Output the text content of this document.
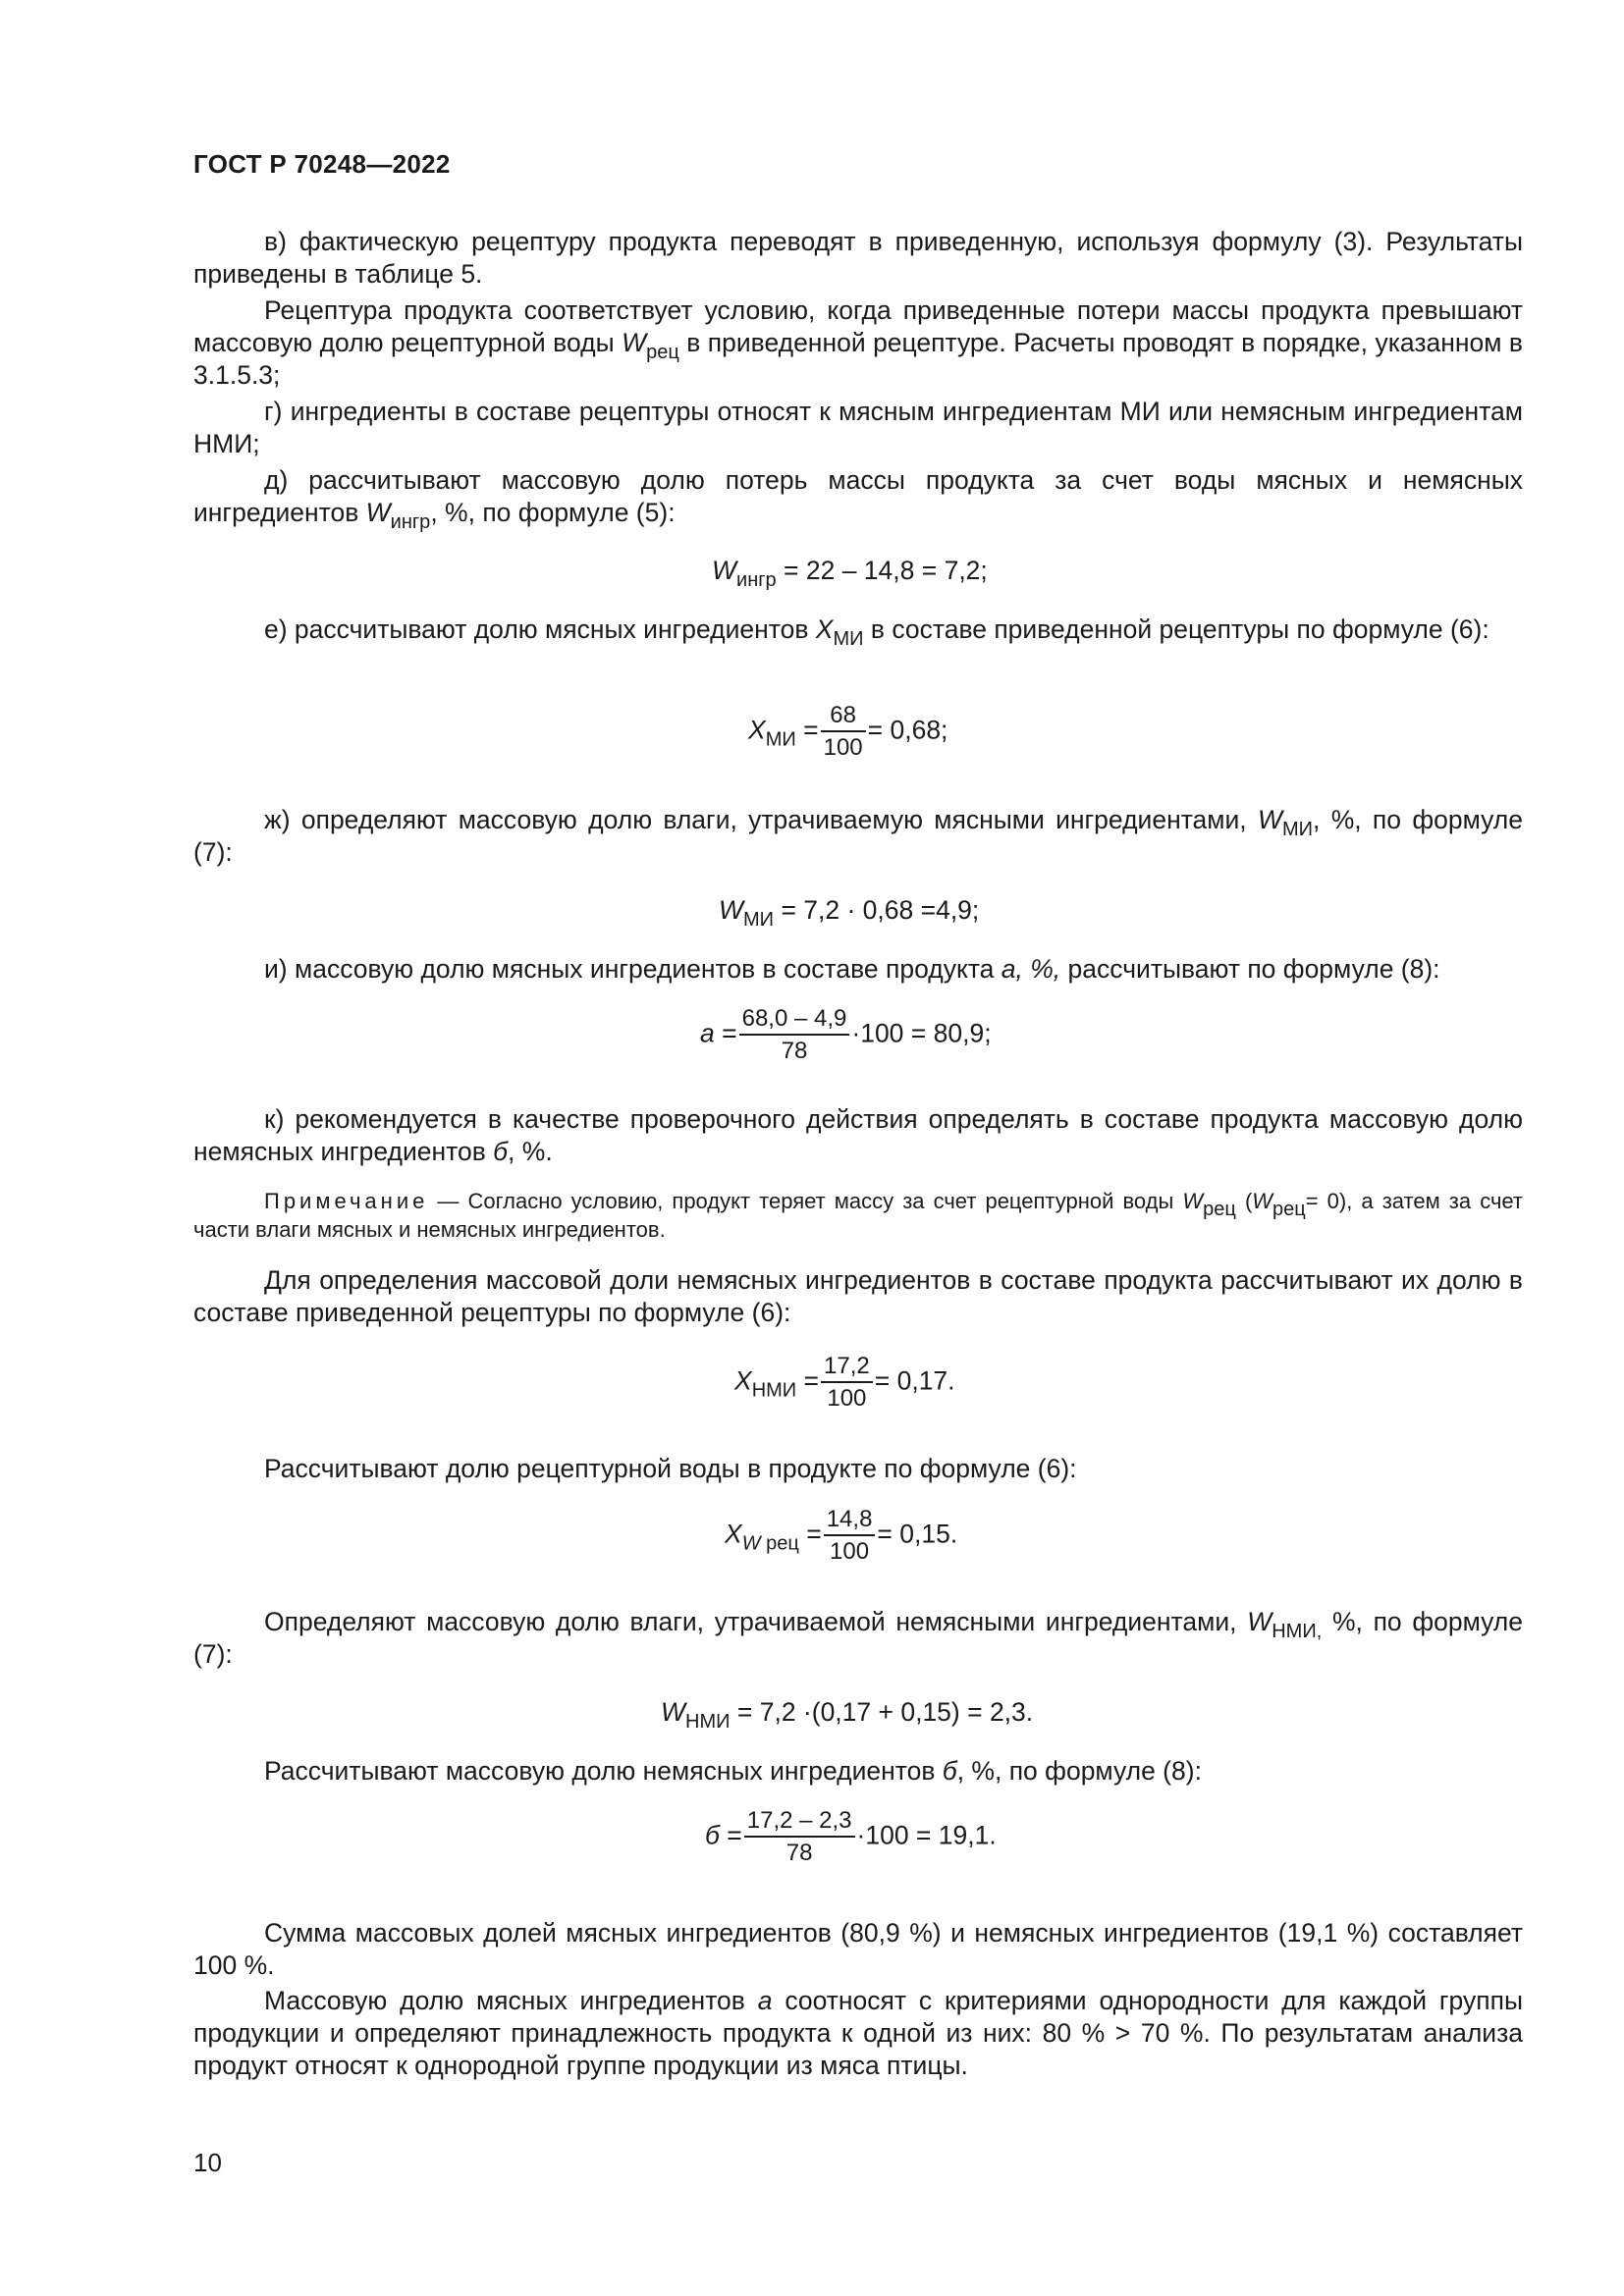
ГОСТ Р 70248—2022
в) фактическую рецептуру продукта переводят в приведенную, используя формулу (3). Результаты приведены в таблице 5.
Рецептура продукта соответствует условию, когда приведенные потери массы продукта превышают массовую долю рецептурной воды $W_{рец}$ в приведенной рецептуре. Расчеты проводят в порядке, указанном в 3.1.5.3;
г) ингредиенты в составе рецептуры относят к мясным ингредиентам МИ или немясным ингредиентам НМИ;
д) рассчитывают массовую долю потерь массы продукта за счет воды мясных и немясных ингредиентов $W_{ингр}$, %, по формуле (5):
$W_{ингр} = 22 - 14,8 = 7,2$;
е) рассчитывают долю мясных ингредиентов $X_{МИ}$ в составе приведенной рецептуры по формуле (6):
$X_{МИ} = \frac{68}{100} = 0,68$;
ж) определяют массовую долю влаги, утрачиваемую мясными ингредиентами, $W_{МИ}$, %, по формуле (7):
$W_{МИ} = 7,2 \cdot 0,68 =4,9$;
и) массовую долю мясных ингредиентов в составе продукта а, %, рассчитывают по формуле (8):
$а = \frac{68,0 - 4,9}{78} \cdot 100 = 80,9$;
к) рекомендуется в качестве проверочного действия определять в составе продукта массовую долю немясных ингредиентов б, %.
Примечание — Согласно условию, продукт теряет массу за счет рецептурной воды $W_{рец}$ $(W_{рец}= 0)$, а затем за счет части влаги мясных и немясных ингредиентов.
Для определения массовой доли немясных ингредиентов в составе продукта рассчитывают их долю в составе приведенной рецептуры по формуле (6):
$X_{НМИ} = \frac{17,2}{100} = 0,17$.
Рассчитывают долю рецептурной воды в продукте по формуле (6):
$X_{W рец} = \frac{14,8}{100} = 0,15$.
Определяют массовую долю влаги, утрачиваемой немясными ингредиентами, $W_{НМИ,}$ %, по формуле (7):
$W_{НМИ} = 7,2 \cdot(0,17 + 0,15) = 2,3$.
Рассчитывают массовую долю немясных ингредиентов б, %, по формуле (8):
$б = \frac{17,2 - 2,3}{78} \cdot 100 = 19,1$.
Сумма массовых долей мясных ингредиентов (80,9 %) и немясных ингредиентов (19,1 %) составляет 100 %.
Массовую долю мясных ингредиентов а соотносят с критериями однородности для каждой группы продукции и определяют принадлежность продукта к одной из них: 80 % > 70 %. По результатам анализа продукт относят к однородной группе продукции из мяса птицы.
10
